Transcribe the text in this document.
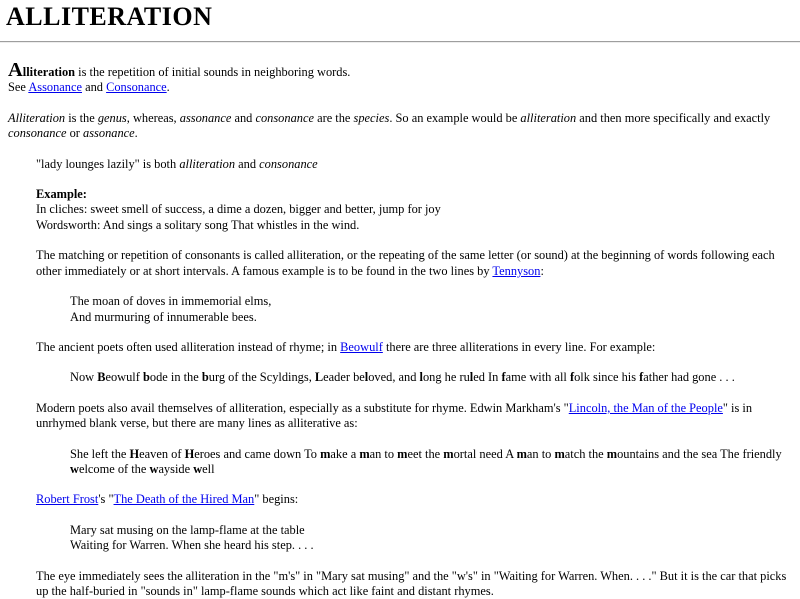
ALLITERATION

Alliteration is the repetition of initial sounds in neighboring words.
See Assonance and Consonance.

Alliteration is the genus, whereas, assonance and consonance are the species. So an example would be alliteration and then more specifically and exactly consonance or assonance.

"lady lounges lazily" is both alliteration and consonance

Example:
In cliches: sweet smell of success, a dime a dozen, bigger and better, jump for joy
Wordsworth: And sings a solitary song That whistles in the wind.

The matching or repetition of consonants is called alliteration, or the repeating of the same letter (or sound) at the beginning of words following each other immediately or at short intervals. A famous example is to be found in the two lines by Tennyson:

The moan of doves in immemorial elms,
And murmuring of innumerable bees.

The ancient poets often used alliteration instead of rhyme; in Beowulf there are three alliterations in every line. For example:

Now Beowulf bode in the burg of the Scyldings, Leader beloved, and long he ruled In fame with all folk since his father had gone . . .

Modern poets also avail themselves of alliteration, especially as a substitute for rhyme. Edwin Markham's "Lincoln, the Man of the People" is in unrhymed blank verse, but there are many lines as alliterative as:

She left the Heaven of Heroes and came down To make a man to meet the mortal need A man to match the mountains and the sea The friendly welcome of the wayside well

Robert Frost's "The Death of the Hired Man" begins:

Mary sat musing on the lamp-flame at the table
Waiting for Warren. When she heard his step. . . .

The eye immediately sees the alliteration in the "m's" in "Mary sat musing" and the "w's" in "Waiting for Warren. When. . . ." But it is the car that picks up the half-buried in "sounds in" lamp-flame sounds which act like faint and distant rhymes.
